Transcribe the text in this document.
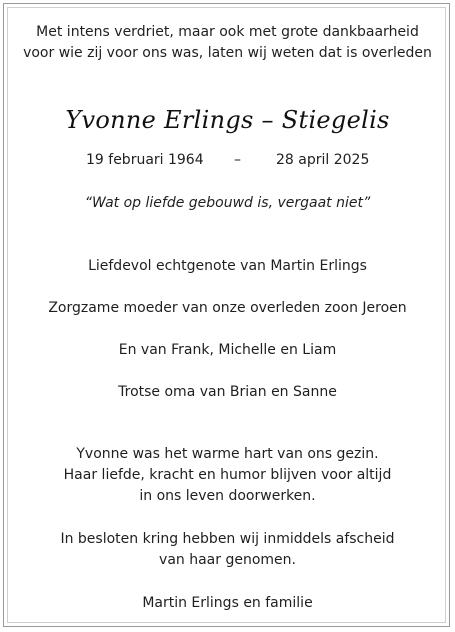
Met intens verdriet, maar ook met grote dankbaarheid
voor wie zij voor ons was, laten wij weten dat is overleden
Yvonne Erlings – Stiegelis
19 februari 1964 –	28 april 2025
“Wat op liefde gebouwd is, vergaat niet”
Liefdevol echtgenote van Martin Erlings
Zorgzame moeder van onze overleden zoon Jeroen
En van Frank, Michelle en Liam
Trotse oma van Brian en Sanne
Yvonne was het warme hart van ons gezin.
Haar liefde, kracht en humor blijven voor altijd
in ons leven doorwerken.
In besloten kring hebben wij inmiddels afscheid
van haar genomen.
Martin Erlings en familie
